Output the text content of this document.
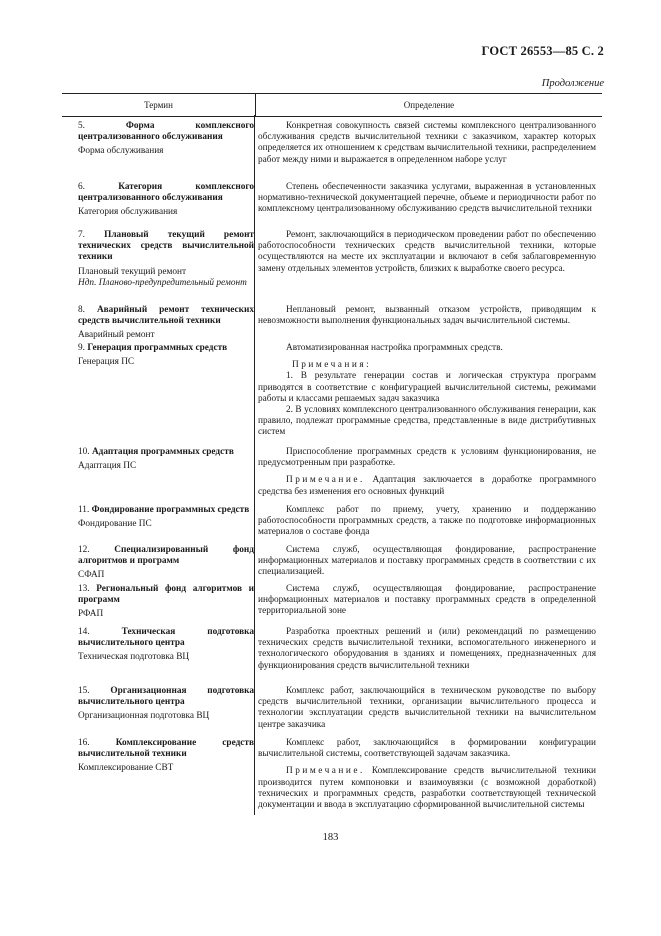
ГОСТ 26553—85 С. 2
Продолжение
Термин	Определение
5.	Форма комплексного централизованного обслуживания
Форма обслуживания

Конкретная совокупность связей системы комплексного централизованного обслуживания средств вычислительной техники с заказчиком, характер которых определяется их отношением к средствам вычислительной техники, распределением работ между ними и выражается в определенном наборе услуг

6.	Категория комплексного централизованного обслуживания
Категория обслуживания

Степень обеспеченности заказчика услугами, выраженная в установленных нормативно-технической документацией перечне, объеме и периодичности работ по комплексному централизованному обслуживанию средств вычислительной техники

7. Плановый текущий ремонт технических средств вычислительной техники
Плановый текущий ремонт
Ндп. Планово-предупредительный ремонт

Ремонт, заключающийся в периодическом проведении работ по обеспечению работоспособности технических средств вычислительной техники, которые осуществляются на месте их эксплуатации и включают в себя заблаговременную замену отдельных элементов устройств, близких к выработке своего ресурса.

8. Аварийный ремонт технических средств вычислительной техники
Аварийный ремонт

Неплановый ремонт, вызванный отказом устройств, приводящим к невозможности выполнения функциональных задач вычислительной системы.

9. Генерация программных средств
Генерация ПС

Автоматизированная настройка программных средств.

Примечания:

1. В результате генерации состав и логическая структура программ приводятся в соответствие с конфигурацией вычислительной системы, режимами работы и классами решаемых задач заказчика

2. В условиях комплексного централизованного обслуживания генерации, как правило, подлежат программные средства, представленные в виде дистрибутивных систем

10. Адаптация программных средств
Адаптация ПС

Приспособление программных средств к условиям функционирования, не предусмотренным при разработке.

Примечание. Адаптация заключается в доработке программного средства без изменения его основных функций

11. Фондирование программных средств
Фондирование ПС

Комплекс работ по приему, учету, хранению и поддержанию работоспособности программных средств, а также по подготовке информационных материалов о составе фонда

12.	Специализированный фонд алгоритмов и программ
СФАП

Система служб, осуществляющая фондирование, распространение информационных материалов и поставку программных средств в соответствии с их специализацией.

13. Региональный фонд алгоритмов и программ
РФАП

Система служб, осуществляющая фондирование, распространение информационных материалов и поставку программных средств в определенной территориальной зоне

14.	Техническая подготовка вычислительного центра
Техническая подготовка ВЦ

Разработка проектных решений и (или) рекомендаций по размещению технических средств вычислительной техники, вспомогательного инженерного и технологического оборудования в зданиях и помещениях, предназначенных для функционирования средств вычислительной техники

15. Организационная подготовка вычислительного центра
Организационная подготовка ВЦ

Комплекс работ, заключающийся в техническом руководстве по выбору средств вычислительной техники, организации вычислительного процесса и технологии эксплуатации средств вычислительной техники на вычислительном центре заказчика

16.	Комплексирование средств вычислительной техники
Комплексирование СВТ

Комплекс работ, заключающийся в формировании конфигурации вычислительной системы, соответствующей задачам заказчика.

Примечание. Комплексирование средств вычислительной техники производится путем компоновки и взаимоувязки (с возможной доработкой) технических и программных средств, разработки соответствующей технической документации и ввода в эксплуатацию сформированной вычислительной системы

183
